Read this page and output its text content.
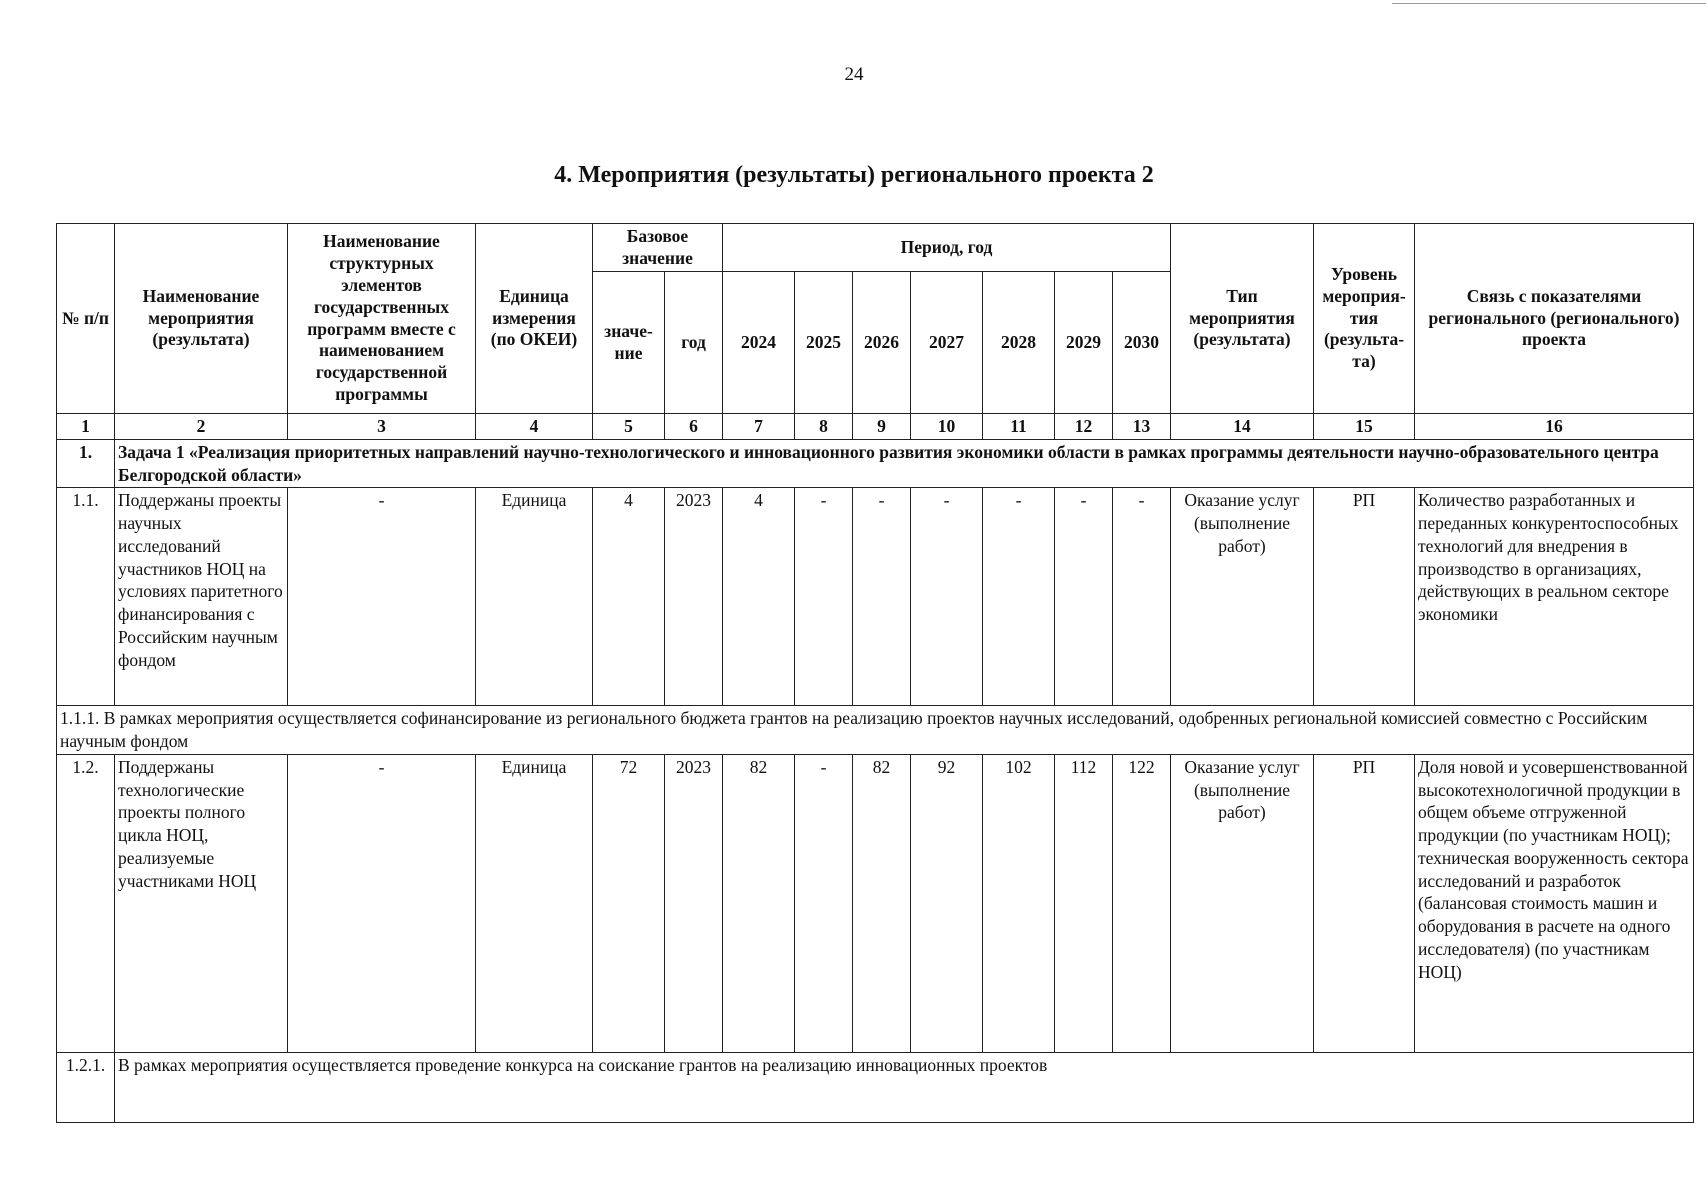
24
4. Мероприятия (результаты) регионального проекта 2
№ п/п	Наименование мероприятия (результата)	Наименование структурных элементов государственных программ вместе с наименованием государственной программы	Единица измерения (по ОКЕИ)	Базовое значение		Период, год							Тип мероприятия (результата)	Уровень мероприя-тия (результа-та)	Связь с показателями регионального (регионального) проекта
				значе-ние	год	2024	2025	2026	2027	2028	2029	2030			
1	2	3	4	5	6	7	8	9	10	11	12	13	14	15	16
1.	Задача 1 «Реализация приоритетных направлений научно-технологического и инновационного развития экономики области в рамках программы деятельности научно-образовательного центра Белгородской области»														
1.1.	Поддержаны проекты научных исследований участников НОЦ на условиях паритетного финансирования с Российским научным фондом	-	Единица	4	2023	4	-	-	-	-	-	-	Оказание услуг (выполнение работ)	РП	Количество разработанных и переданных конкурентоспособных технологий для внедрения в производство в организациях, действующих в реальном секторе экономики
1.1.1. В рамках мероприятия осуществляется софинансирование из регионального бюджета грантов на реализацию проектов научных исследований, одобренных региональной комиссией совместно с Российским научным фондом															
1.2.	Поддержаны технологические проекты полного цикла НОЦ, реализуемые участниками НОЦ	-	Единица	72	2023	82	-	82	92	102	112	122	Оказание услуг (выполнение работ)	РП	Доля новой и усовершенствованной высокотехнологичной продукции в общем объеме отгруженной продукции (по участникам НОЦ); техническая вооруженность сектора исследований и разработок (балансовая стоимость машин и оборудования в расчете на одного исследователя) (по участникам НОЦ)
1.2.1.	В рамках мероприятия осуществляется проведение конкурса на соискание грантов на реализацию инновационных проектов														
